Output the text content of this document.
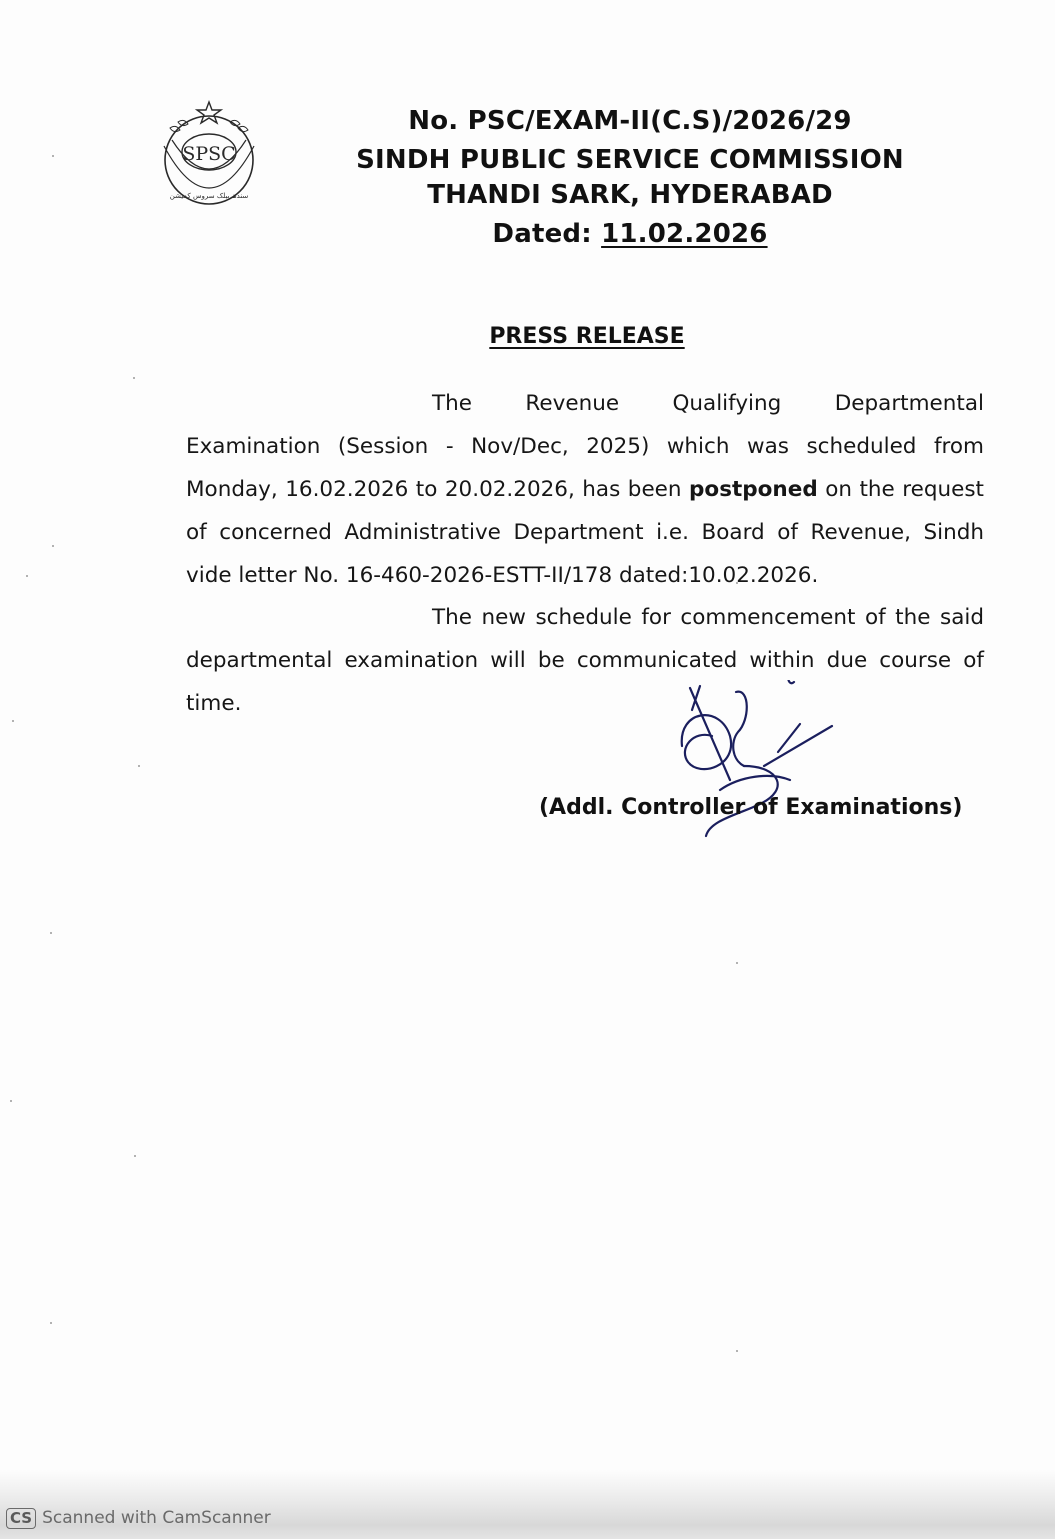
SPSC
سندھ پبلک سروس کمیشن
No. PSC/EXAM-II(C.S)/2026/29
SINDH PUBLIC SERVICE COMMISSION
THANDI SARK, HYDERABAD
Dated: 11.02.2026
PRESS RELEASE
The Revenue Qualifying Departmental Examination (Session - Nov/Dec, 2025) which was scheduled from Monday, 16.02.2026 to 20.02.2026, has been postponed on the request of concerned Administrative Department i.e. Board of Revenue, Sindh vide letter No. 16-460-2026-ESTT-II/178 dated:10.02.2026.
The new schedule for commencement of the said departmental examination will be communicated within due course of time.
(Addl. Controller of Examinations)
CS Scanned with CamScanner
